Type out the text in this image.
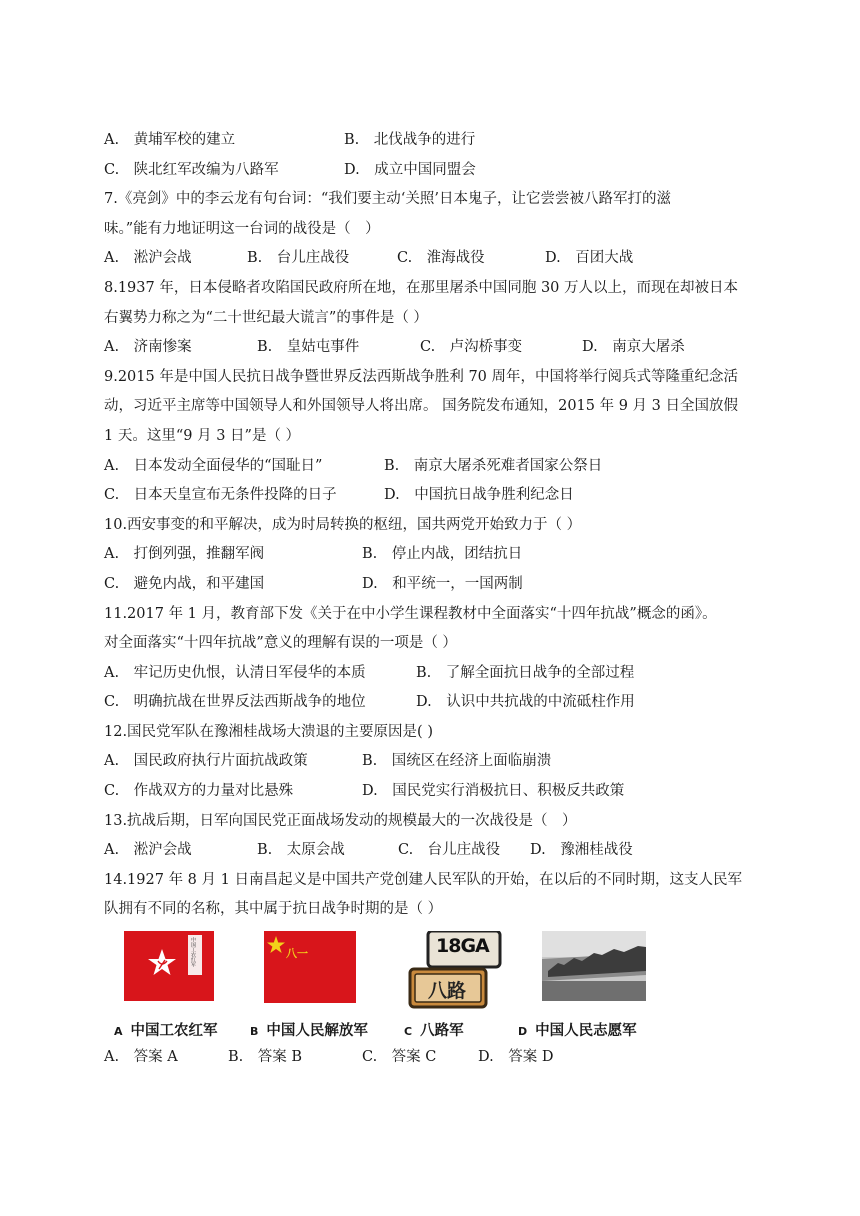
A.　黄埔军校的建立	B.　北伐战争的进行
C.　陕北红军改编为八路军	D.　成立中国同盟会
7.《亮剑》中的李云龙有句台词：“我们要主动‘关照’日本鬼子，让它尝尝被八路军打的滋
味。”能有力地证明这一台词的战役是（　）
A.　淞沪会战	B.　台儿庄战役	C.　淮海战役	D.　百团大战
8.1937 年，日本侵略者攻陷国民政府所在地，在那里屠杀中国同胞 30 万人以上，而现在却被日本
右翼势力称之为“二十世纪最大谎言”的事件是（ ）
A.　济南惨案	B.　皇姑屯事件	C.　卢沟桥事变	D.　南京大屠杀
9.2015 年是中国人民抗日战争暨世界反法西斯战争胜利 70 周年，中国将举行阅兵式等隆重纪念活
动，习近平主席等中国领导人和外国领导人将出席。 国务院发布通知，2015 年 9 月 3 日全国放假
1 天。这里“9 月 3 日”是（ ）
A.　日本发动全面侵华的“国耻日”	B.　南京大屠杀死难者国家公祭日
C.　日本天皇宣布无条件投降的日子	D.　中国抗日战争胜利纪念日
10.西安事变的和平解决，成为时局转换的枢纽，国共两党开始致力于（ ）
A.　打倒列强，推翻军阀	B.　停止内战，团结抗日
C.　避免内战，和平建国	D.　和平统一，一国两制
11.2017 年 1 月，教育部下发《关于在中小学生课程教材中全面落实“十四年抗战”概念的函》。
对全面落实“十四年抗战”意义的理解有误的一项是（ ）
A.　牢记历史仇恨，认清日军侵华的本质	B.　了解全面抗日战争的全部过程
C.　明确抗战在世界反法西斯战争的地位	D.　认识中共抗战的中流砥柱作用
12.国民党军队在豫湘桂战场大溃退的主要原因是( )
A.　国民政府执行片面抗战政策	B.　国统区在经济上面临崩溃
C.　作战双方的力量对比悬殊	D.　国民党实行消极抗日、积极反共政策
13.抗战后期，日军向国民党正面战场发动的规模最大的一次战役是（　）
A.　淞沪会战	B.　太原会战	C.　台儿庄战役 D.　豫湘桂战役
14.1927 年 8 月 1 日南昌起义是中国共产党创建人民军队的开始，在以后的不同时期，这支人民军
队拥有不同的名称，其中属于抗日战争时期的是（ ）
中国工农红军	八一	18GA
八路
A 中国工农红军	B 中国人民解放军	C 八路军	D 中国人民志愿军
A.　答案 A	B.　答案 B	C.　答案 C	D.　答案 D
